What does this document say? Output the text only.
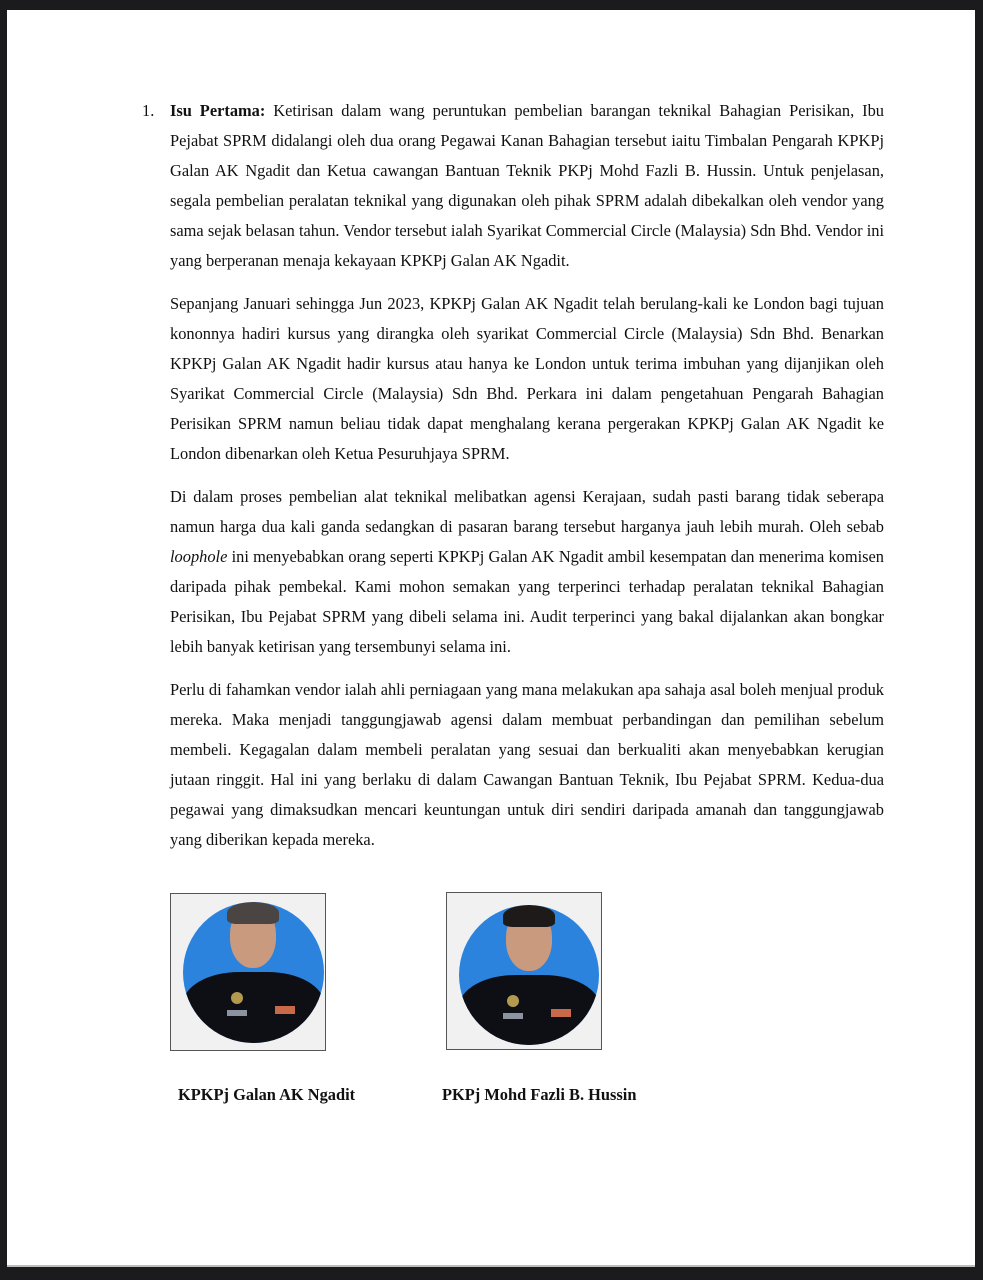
1. Isu Pertama: Ketirisan dalam wang peruntukan pembelian barangan teknikal Bahagian Perisikan, Ibu Pejabat SPRM didalangi oleh dua orang Pegawai Kanan Bahagian tersebut iaitu Timbalan Pengarah KPKPj Galan AK Ngadit dan Ketua cawangan Bantuan Teknik PKPj Mohd Fazli B. Hussin. Untuk penjelasan, segala pembelian peralatan teknikal yang digunakan oleh pihak SPRM adalah dibekalkan oleh vendor yang sama sejak belasan tahun. Vendor tersebut ialah Syarikat Commercial Circle (Malaysia) Sdn Bhd. Vendor ini yang berperanan menaja kekayaan KPKPj Galan AK Ngadit.

Sepanjang Januari sehingga Jun 2023, KPKPj Galan AK Ngadit telah berulang-kali ke London bagi tujuan kononnya hadiri kursus yang dirangka oleh syarikat Commercial Circle (Malaysia) Sdn Bhd. Benarkan KPKPj Galan AK Ngadit hadir kursus atau hanya ke London untuk terima imbuhan yang dijanjikan oleh Syarikat Commercial Circle (Malaysia) Sdn Bhd. Perkara ini dalam pengetahuan Pengarah Bahagian Perisikan SPRM namun beliau tidak dapat menghalang kerana pergerakan KPKPj Galan AK Ngadit ke London dibenarkan oleh Ketua Pesuruhjaya SPRM.

Di dalam proses pembelian alat teknikal melibatkan agensi Kerajaan, sudah pasti barang tidak seberapa namun harga dua kali ganda sedangkan di pasaran barang tersebut harganya jauh lebih murah. Oleh sebab loophole ini menyebabkan orang seperti KPKPj Galan AK Ngadit ambil kesempatan dan menerima komisen daripada pihak pembekal. Kami mohon semakan yang terperinci terhadap peralatan teknikal Bahagian Perisikan, Ibu Pejabat SPRM yang dibeli selama ini. Audit terperinci yang bakal dijalankan akan bongkar lebih banyak ketirisan yang tersembunyi selama ini.

Perlu di fahamkan vendor ialah ahli perniagaan yang mana melakukan apa sahaja asal boleh menjual produk mereka. Maka menjadi tanggungjawab agensi dalam membuat perbandingan dan pemilihan sebelum membeli. Kegagalan dalam membeli peralatan yang sesuai dan berkualiti akan menyebabkan kerugian jutaan ringgit. Hal ini yang berlaku di dalam Cawangan Bantuan Teknik, Ibu Pejabat SPRM. Kedua-dua pegawai yang dimaksudkan mencari keuntungan untuk diri sendiri daripada amanah dan tanggungjawab yang diberikan kepada mereka.

KPKPj Galan AK Ngadit	PKPj Mohd Fazli B. Hussin
